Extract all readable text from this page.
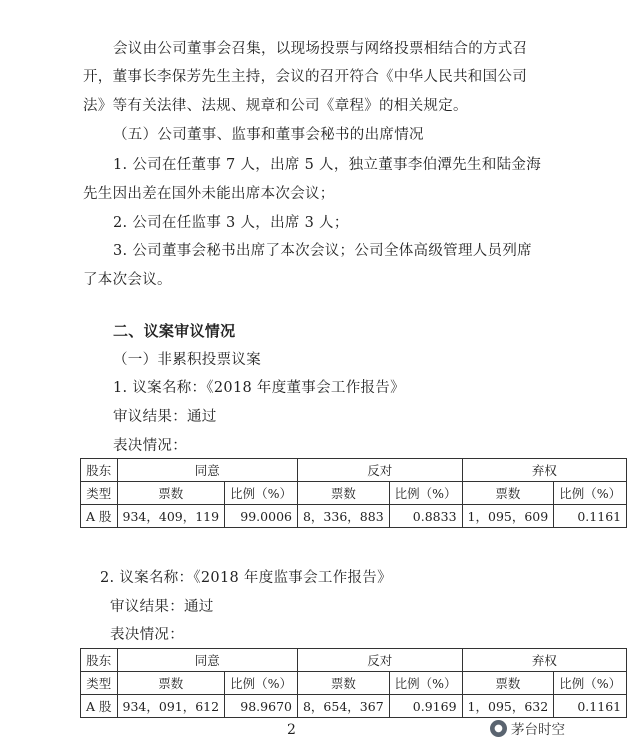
会议由公司董事会召集，以现场投票与网络投票相结合的方式召
开，董事长李保芳先生主持，会议的召开符合《中华人民共和国公司
法》等有关法律、法规、规章和公司《章程》的相关规定。
（五）公司董事、监事和董事会秘书的出席情况
1. 公司在任董事 7 人，出席 5 人，独立董事李伯潭先生和陆金海
先生因出差在国外未能出席本次会议；
2. 公司在任监事 3 人，出席 3 人；
3. 公司董事会秘书出席了本次会议；公司全体高级管理人员列席
了本次会议。
二、议案审议情况
（一）非累积投票议案
1. 议案名称：《2018 年度董事会工作报告》
审议结果：通过
表决情况：
股东	同意		反对		弃权	
类型	票数	比例（%）	票数	比例（%）	票数	比例（%）
A 股	934，409，119	99.0006	8，336，883	0.8833	1，095，609	0.1161
2. 议案名称：《2018 年度监事会工作报告》
审议结果：通过
表决情况：
股东	同意		反对		弃权	
类型	票数	比例（%）	票数	比例（%）	票数	比例（%）
A 股	934，091，612	98.9670	8，654，367	0.9169	1，095，632	0.1161
2	● 茅台时空
